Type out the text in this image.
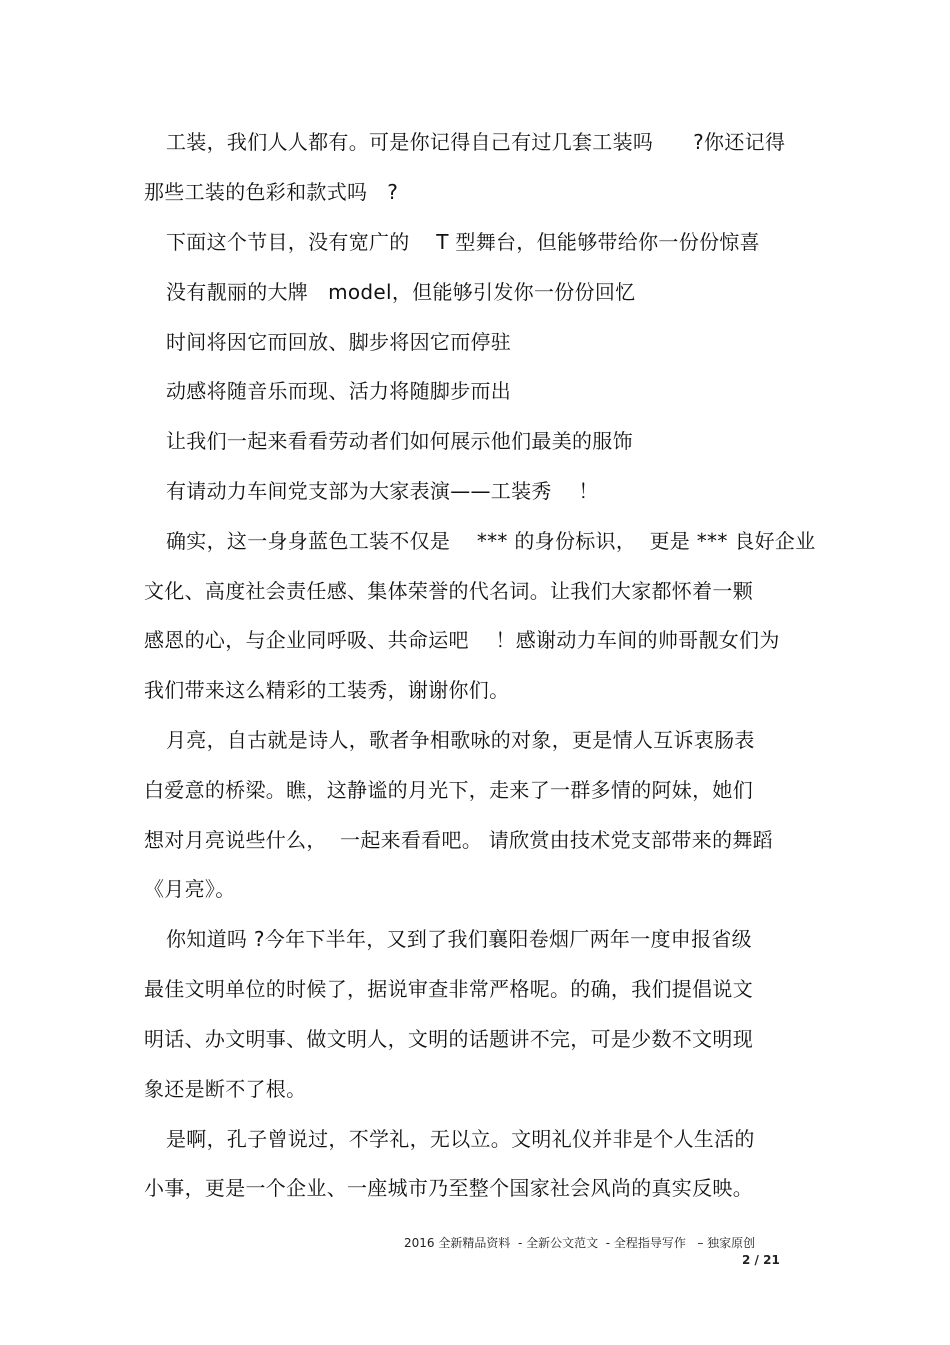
工装，我们人人都有。可是你记得自己有过几套工装吗      ?你还记得
那些工装的色彩和款式吗   ?
下面这个节目，没有宽广的    T 型舞台，但能够带给你一份份惊喜
没有靓丽的大牌   model，但能够引发你一份份回忆
时间将因它而回放、脚步将因它而停驻
动感将随音乐而现、活力将随脚步而出
让我们一起来看看劳动者们如何展示他们最美的服饰
有请动力车间党支部为大家表演——工装秀    ！
确实，这一身身蓝色工装不仅是    *** 的身份标识，  更是 *** 良好企业
文化、高度社会责任感、集体荣誉的代名词。让我们大家都怀着一颗
感恩的心，与企业同呼吸、共命运吧    ！感谢动力车间的帅哥靓女们为
我们带来这么精彩的工装秀，谢谢你们。
月亮，自古就是诗人，歌者争相歌咏的对象，更是情人互诉衷肠表
白爱意的桥梁。瞧，这静谧的月光下，走来了一群多情的阿妹，她们
想对月亮说些什么，  一起来看看吧。 请欣赏由技术党支部带来的舞蹈
《月亮》。
你知道吗 ?今年下半年，又到了我们襄阳卷烟厂两年一度申报省级
最佳文明单位的时候了，据说审查非常严格呢。的确，我们提倡说文
明话、办文明事、做文明人，文明的话题讲不完，可是少数不文明现
象还是断不了根。
是啊，孔子曾说过，不学礼，无以立。文明礼仪并非是个人生活的
小事，更是一个企业、一座城市乃至整个国家社会风尚的真实反映。
2016 全新精品资料  - 全新公文范文  - 全程指导写作   – 独家原创
2 / 21
